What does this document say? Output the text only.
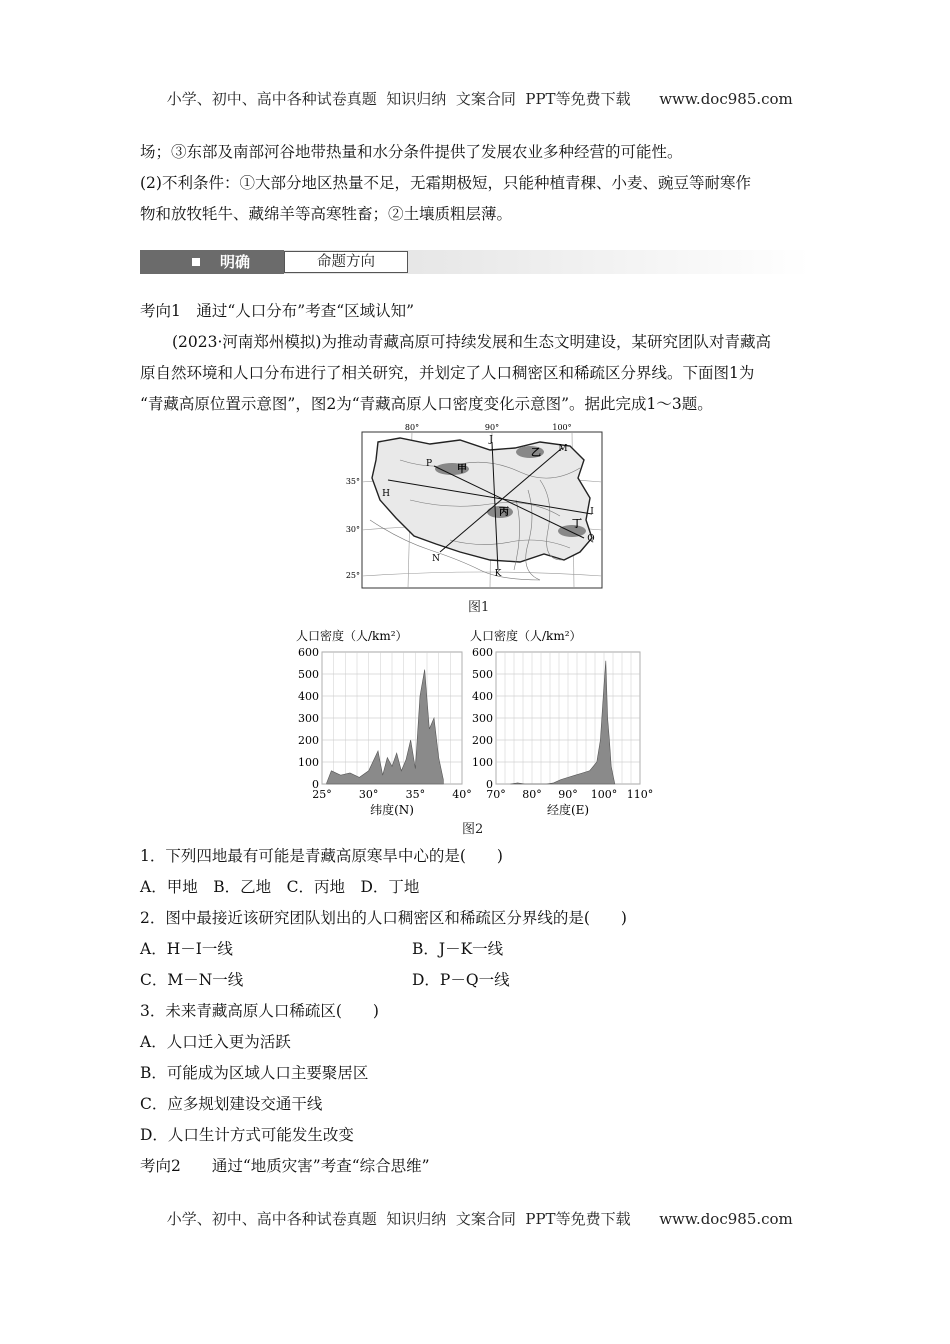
小学、初中、高中各种试卷真题  知识归纳  文案合同  PPT等免费下载 www.doc985.com

场；③东部及南部河谷地带热量和水分条件提供了发展农业多种经营的可能性。
(2)不利条件：①大部分地区热量不足，无霜期极短，只能种植青稞、小麦、豌豆等耐寒作
物和放牧牦牛、藏绵羊等高寒牲畜；②土壤质粗层薄。
明确	命题方向
考向1　通过“人口分布”考查“区域认知”
(2023·河南郑州模拟)为推动青藏高原可持续发展和生态文明建设，某研究团队对青藏高
原自然环境和人口分布进行了相关研究，并划定了人口稠密区和稀疏区分界线。下面图1为
“青藏高原位置示意图”，图2为“青藏高原人口密度变化示意图”。据此完成1～3题。
80°	90°	100°
35°
30°
25°
J
M
P
H
I
Q
N
K
甲
乙
丙
丁
图1
0
100
200
300
400
500
600
25° 30° 35° 40°
人口密度（人/km²）
纬度(N)
0
100
200
300
400
500
600
70° 80° 90° 100° 110°
人口密度（人/km²）
经度(E)
图2
1．下列四地最有可能是青藏高原寒旱中心的是(　　)
A．甲地　B．乙地　C．丙地　D．丁地
2．图中最接近该研究团队划出的人口稠密区和稀疏区分界线的是(　　)
A．H－I一线	B．J－K一线
C．M－N一线	D．P－Q一线
3．未来青藏高原人口稀疏区(　　)
A．人口迁入更为活跃
B．可能成为区域人口主要聚居区
C．应多规划建设交通干线
D．人口生计方式可能发生改变
考向2　　通过“地质灾害”考查“综合思维”

小学、初中、高中各种试卷真题  知识归纳  文案合同  PPT等免费下载 www.doc985.com
